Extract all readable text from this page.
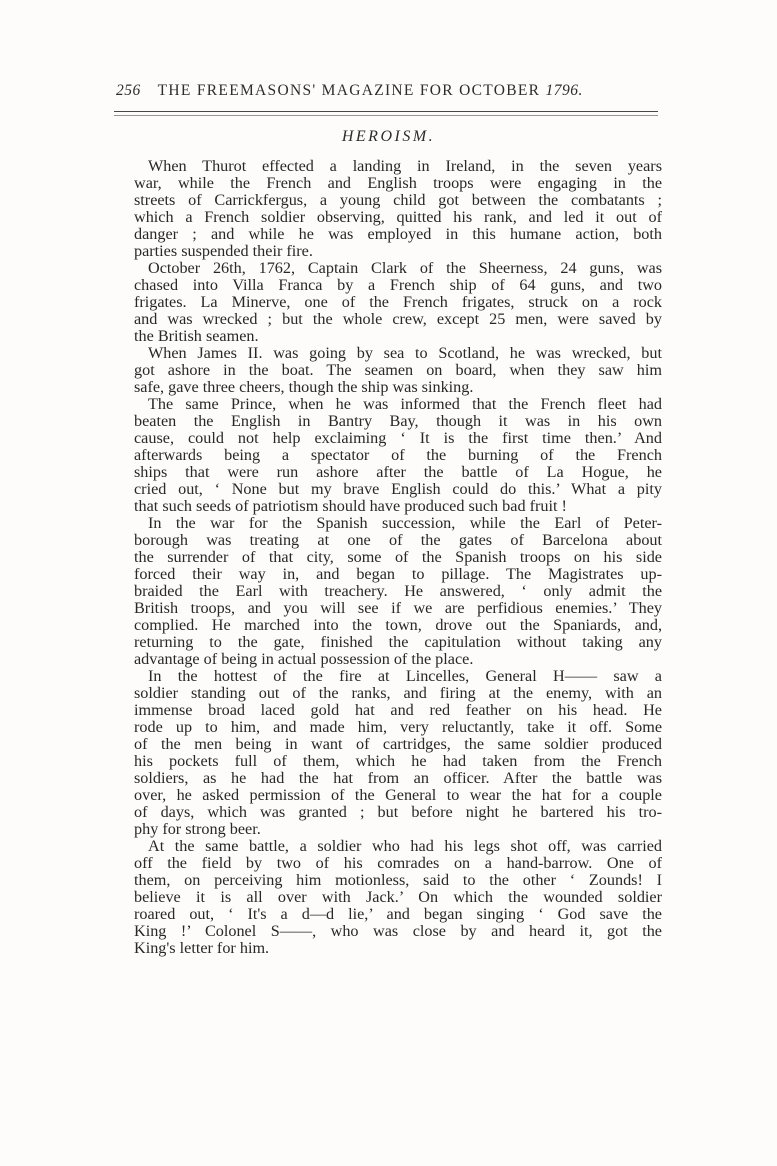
256 THE FREEMASONS' MAGAZINE FOR OCTOBER 1796.
HEROISM.
When Thurot effected a landing in Ireland, in the seven years
war, while the French and English troops were engaging in the
streets of Carrickfergus, a young child got between the combatants ;
which a French soldier observing, quitted his rank, and led it out of
danger ; and while he was employed in this humane action, both
parties suspended their fire.
October 26th, 1762, Captain Clark of the Sheerness, 24 guns, was
chased into Villa Franca by a French ship of 64 guns, and two
frigates. La Minerve, one of the French frigates, struck on a rock
and was wrecked ; but the whole crew, except 25 men, were saved by
the British seamen.
When James II. was going by sea to Scotland, he was wrecked, but
got ashore in the boat. The seamen on board, when they saw him
safe, gave three cheers, though the ship was sinking.
The same Prince, when he was informed that the French fleet had
beaten the English in Bantry Bay, though it was in his own
cause, could not help exclaiming ‘ It is the first time then.’ And
afterwards being a spectator of the burning of the French
ships that were run ashore after the battle of La Hogue, he
cried out, ‘ None but my brave English could do this.’ What a pity
that such seeds of patriotism should have produced such bad fruit !
In the war for the Spanish succession, while the Earl of Peter-
borough was treating at one of the gates of Barcelona about
the surrender of that city, some of the Spanish troops on his side
forced their way in, and began to pillage. The Magistrates up-
braided the Earl with treachery. He answered, ‘ only admit the
British troops, and you will see if we are perfidious enemies.’ They
complied. He marched into the town, drove out the Spaniards, and,
returning to the gate, finished the capitulation without taking any
advantage of being in actual possession of the place.
In the hottest of the fire at Lincelles, General H—— saw a
soldier standing out of the ranks, and firing at the enemy, with an
immense broad laced gold hat and red feather on his head. He
rode up to him, and made him, very reluctantly, take it off. Some
of the men being in want of cartridges, the same soldier produced
his pockets full of them, which he had taken from the French
soldiers, as he had the hat from an officer. After the battle was
over, he asked permission of the General to wear the hat for a couple
of days, which was granted ; but before night he bartered his tro-
phy for strong beer.
At the same battle, a soldier who had his legs shot off, was carried
off the field by two of his comrades on a hand-barrow. One of
them, on perceiving him motionless, said to the other ‘ Zounds! I
believe it is all over with Jack.’ On which the wounded soldier
roared out, ‘ It's a d—d lie,’ and began singing ‘ God save the
King !’ Colonel S——, who was close by and heard it, got the
King's letter for him.
